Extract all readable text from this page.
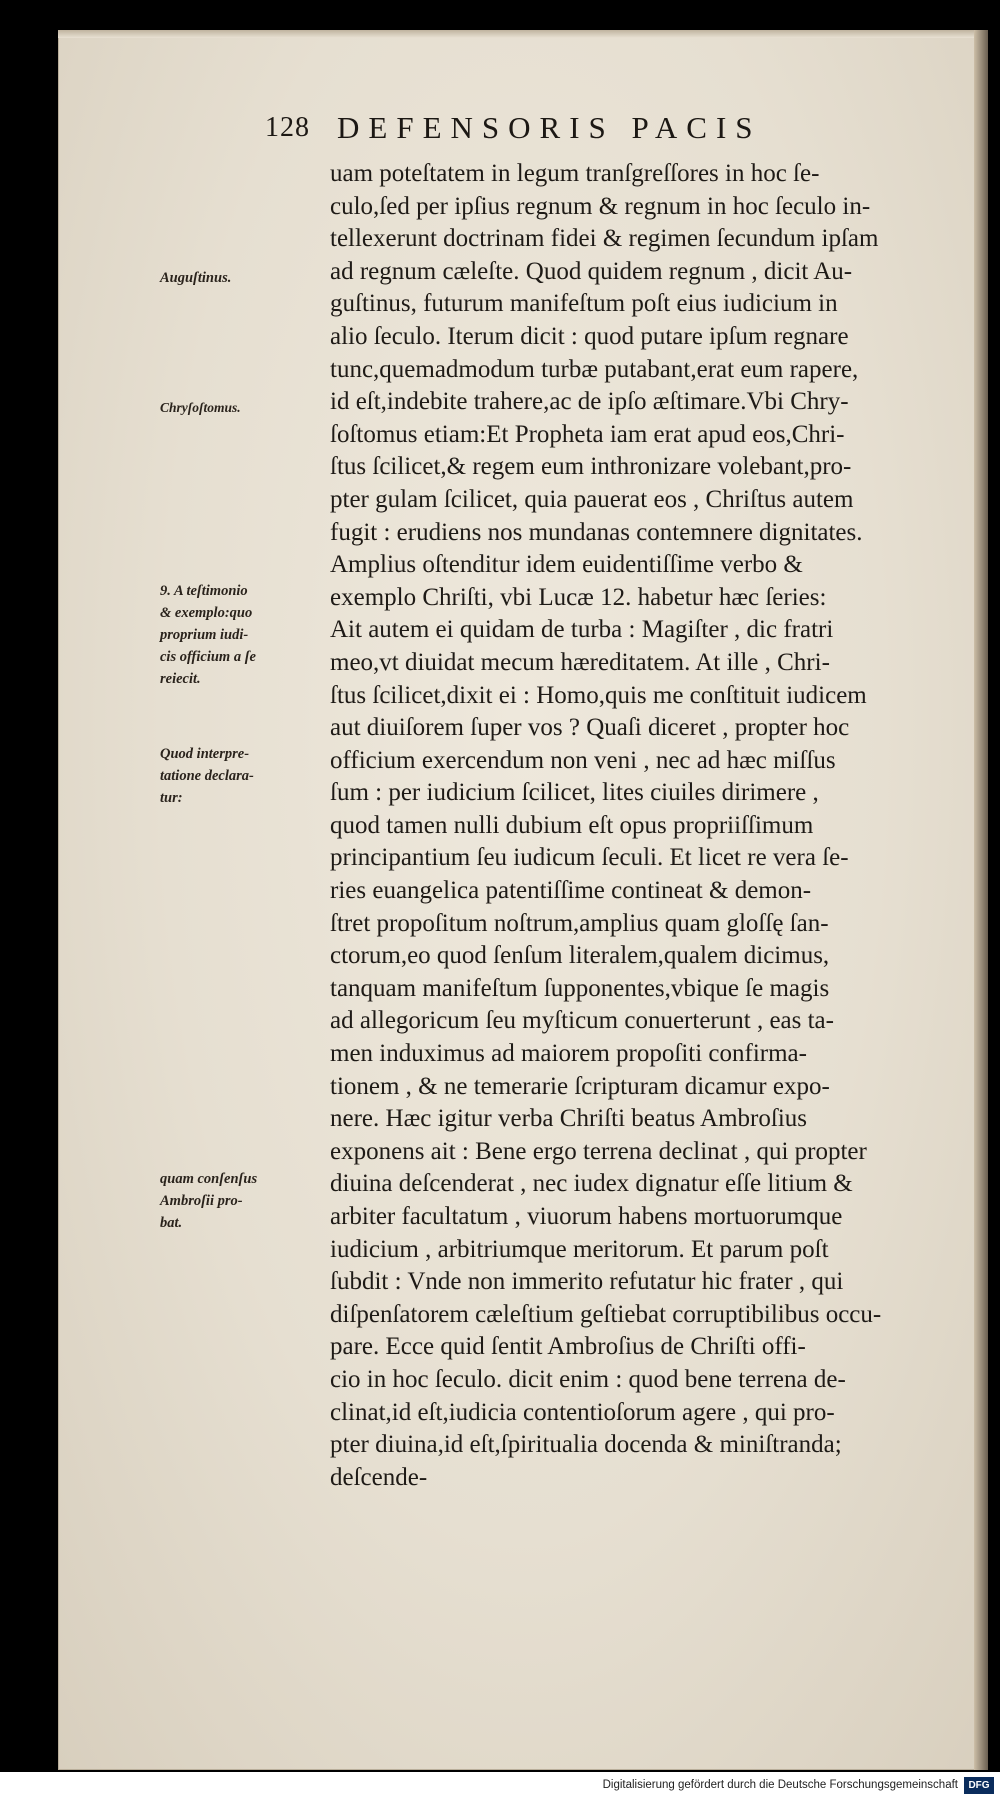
128 DEFENSORIS PACIS
uam poteſtatem in legum tranſgreſſores in hoc ſe-
culo,ſed per ipſius regnum & regnum in hoc ſeculo in-
tellexerunt doctrinam fidei & regimen ſecundum ipſam
ad regnum cæleſte. Quod quidem regnum , dicit Au-
guſtinus, futurum manifeſtum poſt eius iudicium in
alio ſeculo. Iterum dicit : quod putare ipſum regnare
tunc,quemadmodum turbæ putabant,erat eum rapere,
id eſt,indebite trahere,ac de ipſo æſtimare.Vbi Chry-
ſoſtomus etiam:Et Propheta iam erat apud eos,Chri-
ſtus ſcilicet,& regem eum inthronizare volebant,pro-
pter gulam ſcilicet, quia pauerat eos , Chriſtus autem
fugit : erudiens nos mundanas contemnere dignitates.
Amplius oſtenditur idem euidentiſſime verbo &
exemplo Chriſti, vbi Lucæ 12. habetur hæc ſeries:
Ait autem ei quidam de turba : Magiſter , dic fratri
meo,vt diuidat mecum hæreditatem. At ille , Chri-
ſtus ſcilicet,dixit ei : Homo,quis me conſtituit iudicem
aut diuiſorem ſuper vos ? Quaſi diceret , propter hoc
officium exercendum non veni , nec ad hæc miſſus
ſum : per iudicium ſcilicet, lites ciuiles dirimere ,
quod tamen nulli dubium eſt opus propriiſſimum
principantium ſeu iudicum ſeculi. Et licet re vera ſe-
ries euangelica patentiſſime contineat & demon-
ſtret propoſitum noſtrum,amplius quam gloſſę ſan-
ctorum,eo quod ſenſum literalem,qualem dicimus,
tanquam manifeſtum ſupponentes,vbique ſe magis
ad allegoricum ſeu myſticum conuerterunt , eas ta-
men induximus ad maiorem propoſiti confirma-
tionem , & ne temerarie ſcripturam dicamur expo-
nere. Hæc igitur verba Chriſti beatus Ambroſius
exponens ait : Bene ergo terrena declinat , qui propter
diuina deſcenderat , nec iudex dignatur eſſe litium &
arbiter facultatum , viuorum habens mortuorumque
iudicium , arbitriumque meritorum. Et parum poſt
ſubdit : Vnde non immerito refutatur hic frater , qui
diſpenſatorem cæleſtium geſtiebat corruptibilibus occu-
pare. Ecce quid ſentit Ambroſius de Chriſti offi-
cio in hoc ſeculo. dicit enim : quod bene terrena de-
clinat,id eſt,iudicia contentioſorum agere , qui pro-
pter diuina,id eſt,ſpiritualia docenda & miniſtranda;
deſcende-
Auguſtinus.
Chryſoſtomus.
9. A teſtimonio
& exemplo:quo
proprium iudi-
cis officium a ſe
reiecit.
Quod interpre-
tatione declara-
tur:
quam conſenſus
Ambroſii pro-
bat.
Digitalisierung gefördert durch die Deutsche Forschungsgemeinschaft	DFG
